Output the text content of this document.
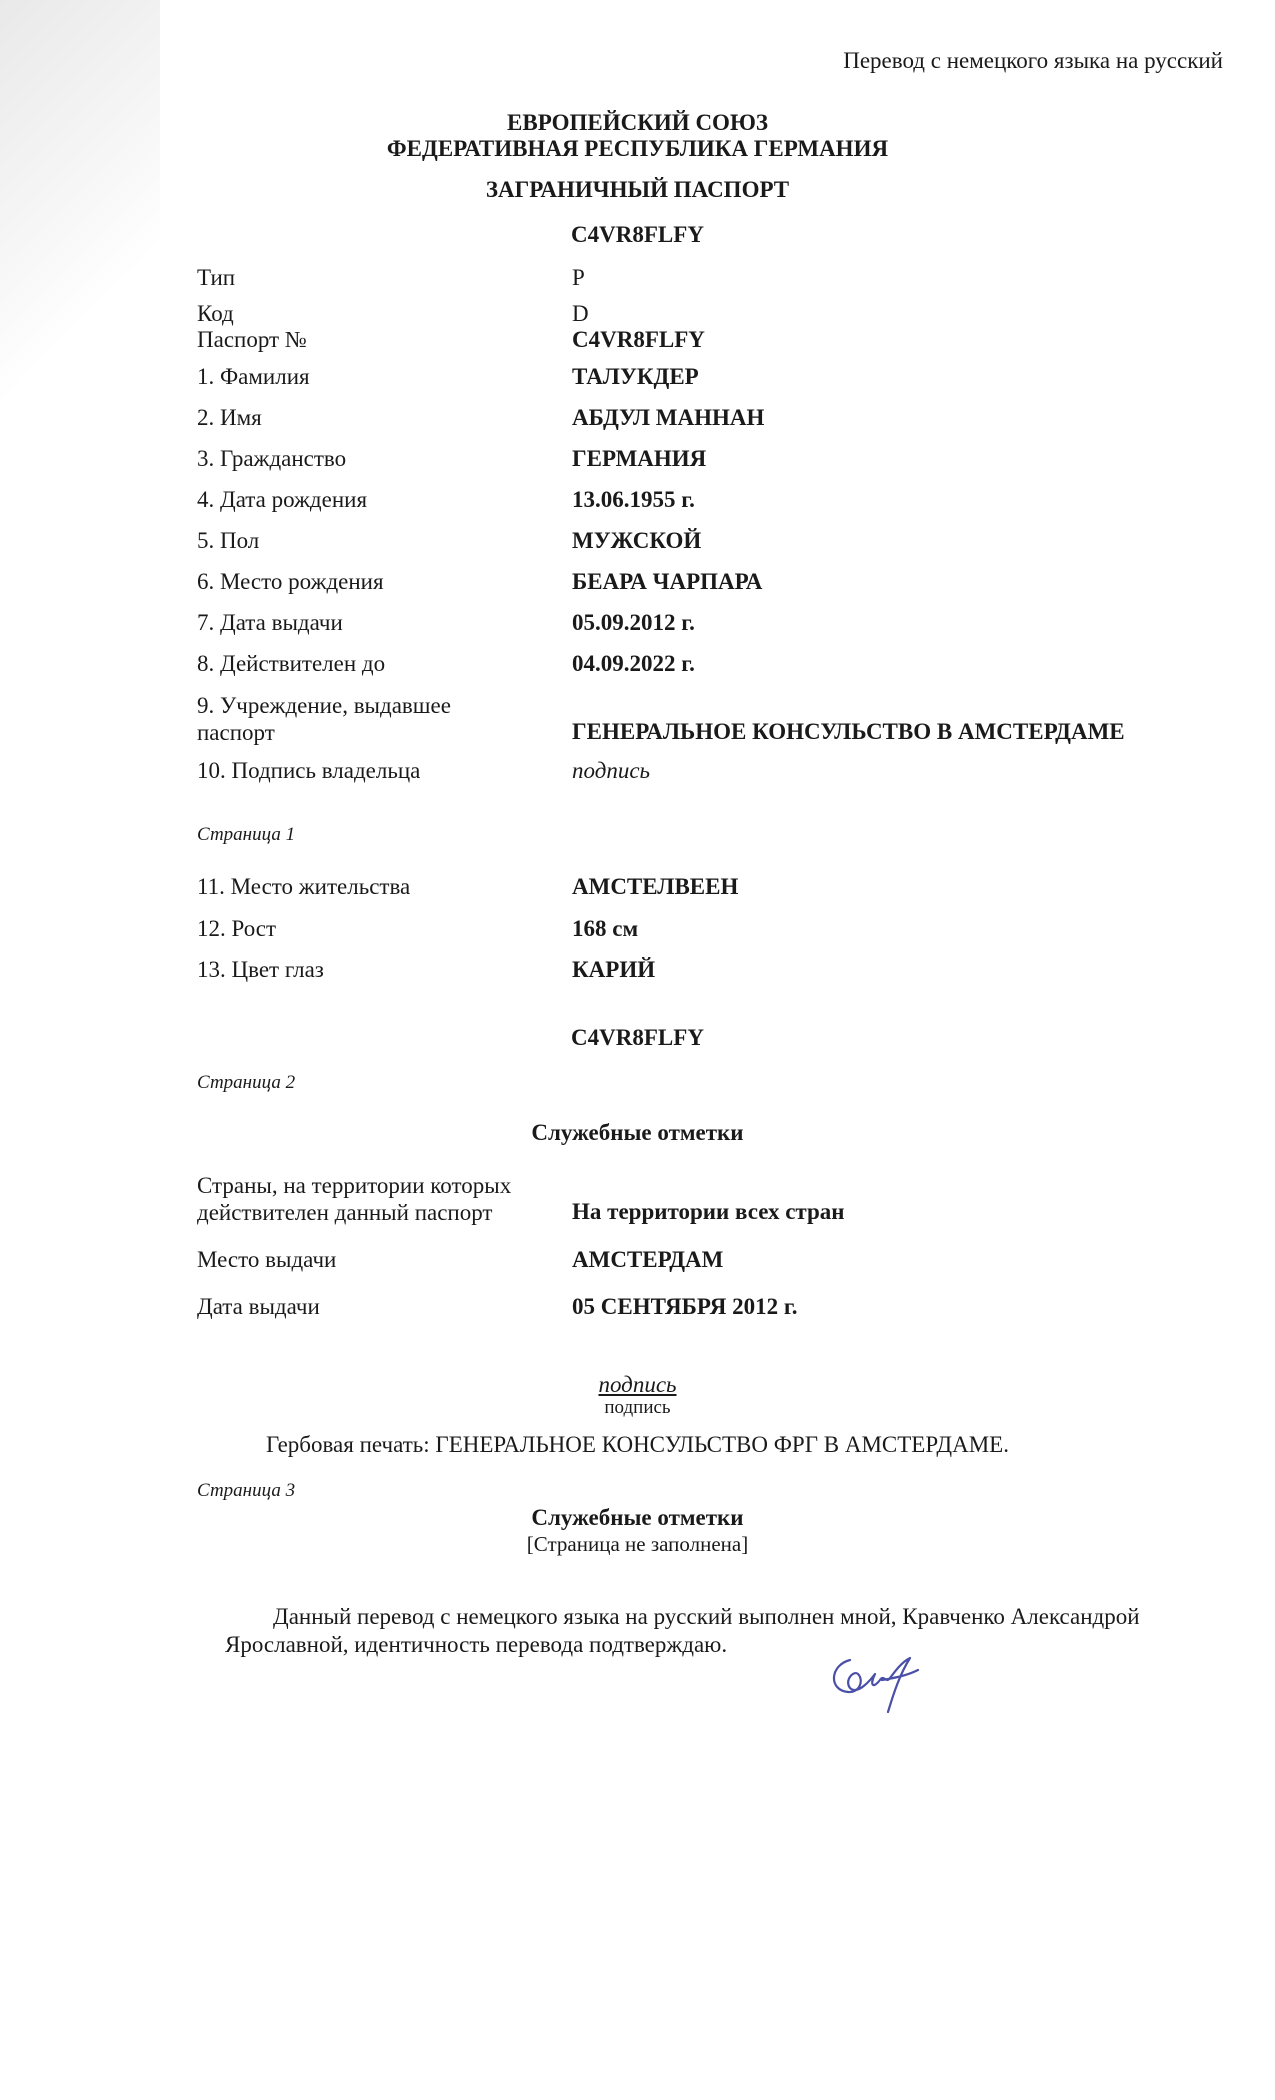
Перевод с немецкого языка на русский
ЕВРОПЕЙСКИЙ СОЮЗ
ФЕДЕРАТИВНАЯ РЕСПУБЛИКА ГЕРМАНИЯ
ЗАГРАНИЧНЫЙ ПАСПОРТ
C4VR8FLFY
Тип	P
Код	D
Паспорт №	C4VR8FLFY
1. Фамилия	ТАЛУКДЕР
2. Имя	АБДУЛ МАННАН
3. Гражданство	ГЕРМАНИЯ
4. Дата рождения	13.06.1955 г.
5. Пол	МУЖСКОЙ
6. Место рождения	БЕАРА ЧАРПАРА
7. Дата выдачи	05.09.2012 г.
8. Действителен до	04.09.2022 г.
9. Учреждение, выдавшее
паспорт	ГЕНЕРАЛЬНОЕ КОНСУЛЬСТВО В АМСТЕРДАМЕ
10. Подпись владельца	подпись
Страница 1
11. Место жительства	АМСТЕЛВЕЕН
12. Рост	168 см
13. Цвет глаз	КАРИЙ
C4VR8FLFY
Страница 2
Служебные отметки
Страны, на территории которых
действителен данный паспорт	На территории всех стран
Место выдачи	АМСТЕРДАМ
Дата выдачи	05 СЕНТЯБРЯ 2012 г.
подпись
подпись
Гербовая печать: ГЕНЕРАЛЬНОЕ КОНСУЛЬСТВО ФРГ В АМСТЕРДАМЕ.
Страница 3
Служебные отметки
[Страница не заполнена]
Данный перевод с немецкого языка на русский выполнен мной, Кравченко Александрой Ярославной, идентичность перевода подтверждаю.
